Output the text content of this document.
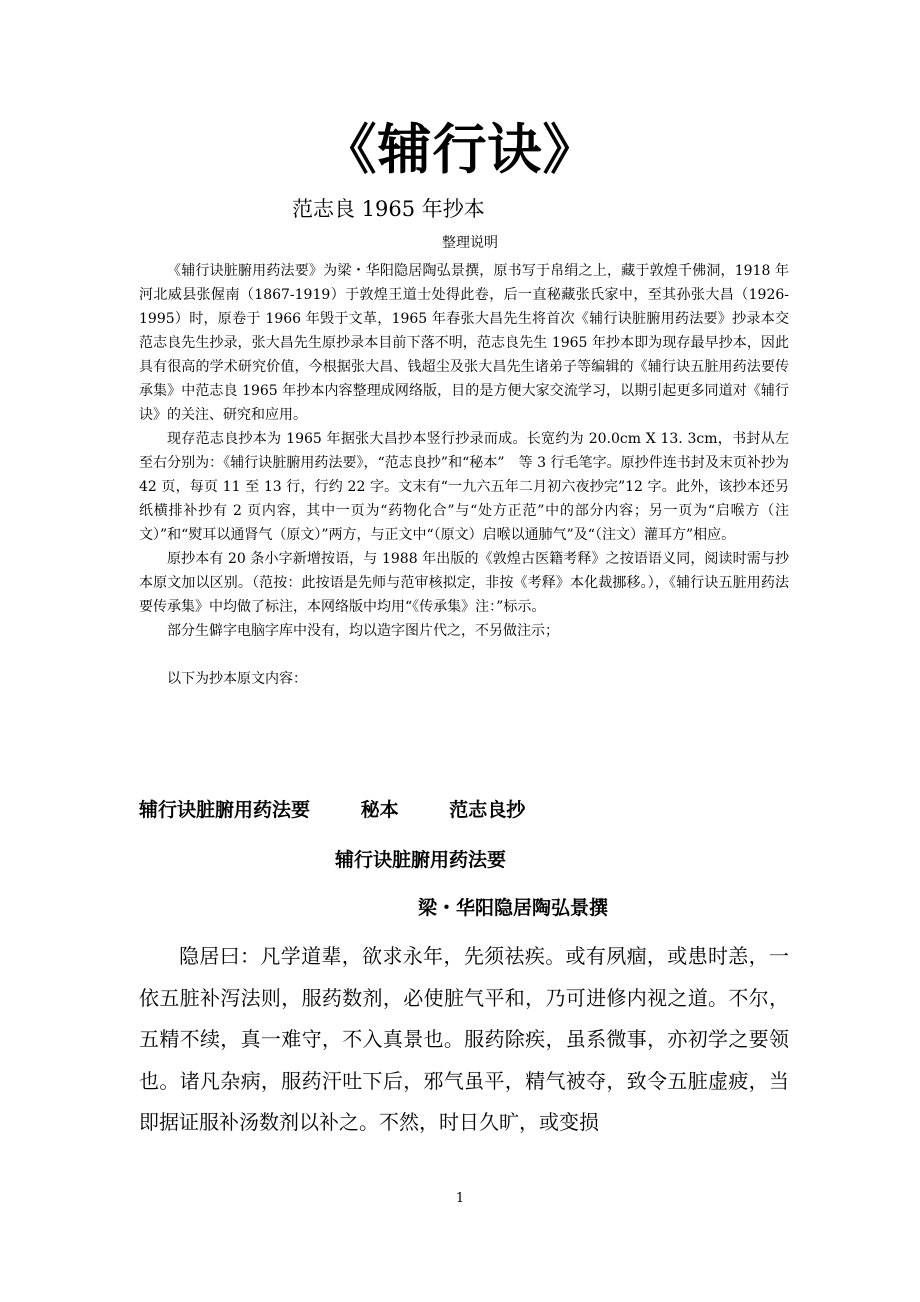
《辅行诀》
范志良 1965 年抄本
整理说明

《辅行诀脏腑用药法要》为梁・华阳隐居陶弘景撰，原书写于帛绢之上，藏于敦煌千佛洞，1918 年河北威县张偓南（1867-1919）于敦煌王道士处得此卷，后一直秘藏张氏家中，至其孙张大昌（1926-1995）时，原卷于 1966 年毁于文革，1965 年春张大昌先生将首次《辅行诀脏腑用药法要》抄录本交范志良先生抄录，张大昌先生原抄录本目前下落不明，范志良先生 1965 年抄本即为现存最早抄本，因此具有很高的学术研究价值，今根据张大昌、钱超尘及张大昌先生诸弟子等编辑的《辅行诀五脏用药法要传承集》中范志良 1965 年抄本内容整理成网络版，目的是方便大家交流学习，以期引起更多同道对《辅行诀》的关注、研究和应用。

现存范志良抄本为 1965 年据张大昌抄本竖行抄录而成。长宽约为 20.0cm X 13. 3cm，书封从左至右分别为：《辅行诀脏腑用药法要》，“范志良抄”和“秘本”　等 3 行毛笔字。原抄件连书封及末页补抄为 42 页，每页 11 至 13 行，行约 22 字。文末有“一九六五年二月初六夜抄完”12 字。此外，该抄本还另纸横排补抄有 2 页内容，其中一页为“药物化合”与“处方正范”中的部分内容；另一页为“启喉方（注文）”和“熨耳以通肾气（原文）”两方，与正文中“（原文）启喉以通肺气”及“（注文）灌耳方”相应。

原抄本有 20 条小字新增按语，与 1988 年出版的《敦煌古医籍考释》之按语语义同，阅读时需与抄本原文加以区别。（范按：此按语是先师与范审核拟定，非按《考释》本化裁挪移。），《辅行诀五脏用药法要传承集》中均做了标注，本网络版中均用“《传承集》注：”标示。

部分生僻字电脑字库中没有，均以造字图片代之，不另做注示；

以下为抄本原文内容：

辅行诀脏腑用药法要	秘本	范志良抄
辅行诀脏腑用药法要
梁・华阳隐居陶弘景撰

隐居曰：凡学道辈，欲求永年，先须祛疾。或有夙痼，或患时恙，一依五脏补泻法则，服药数剂，必使脏气平和，乃可进修内视之道。不尔，五精不续，真一难守，不入真景也。服药除疾，虽系微事，亦初学之要领也。诸凡杂病，服药汗吐下后，邪气虽平，精气被夺，致令五脏虚疲，当即据证服补汤数剂以补之。不然，时日久旷，或变损

1
